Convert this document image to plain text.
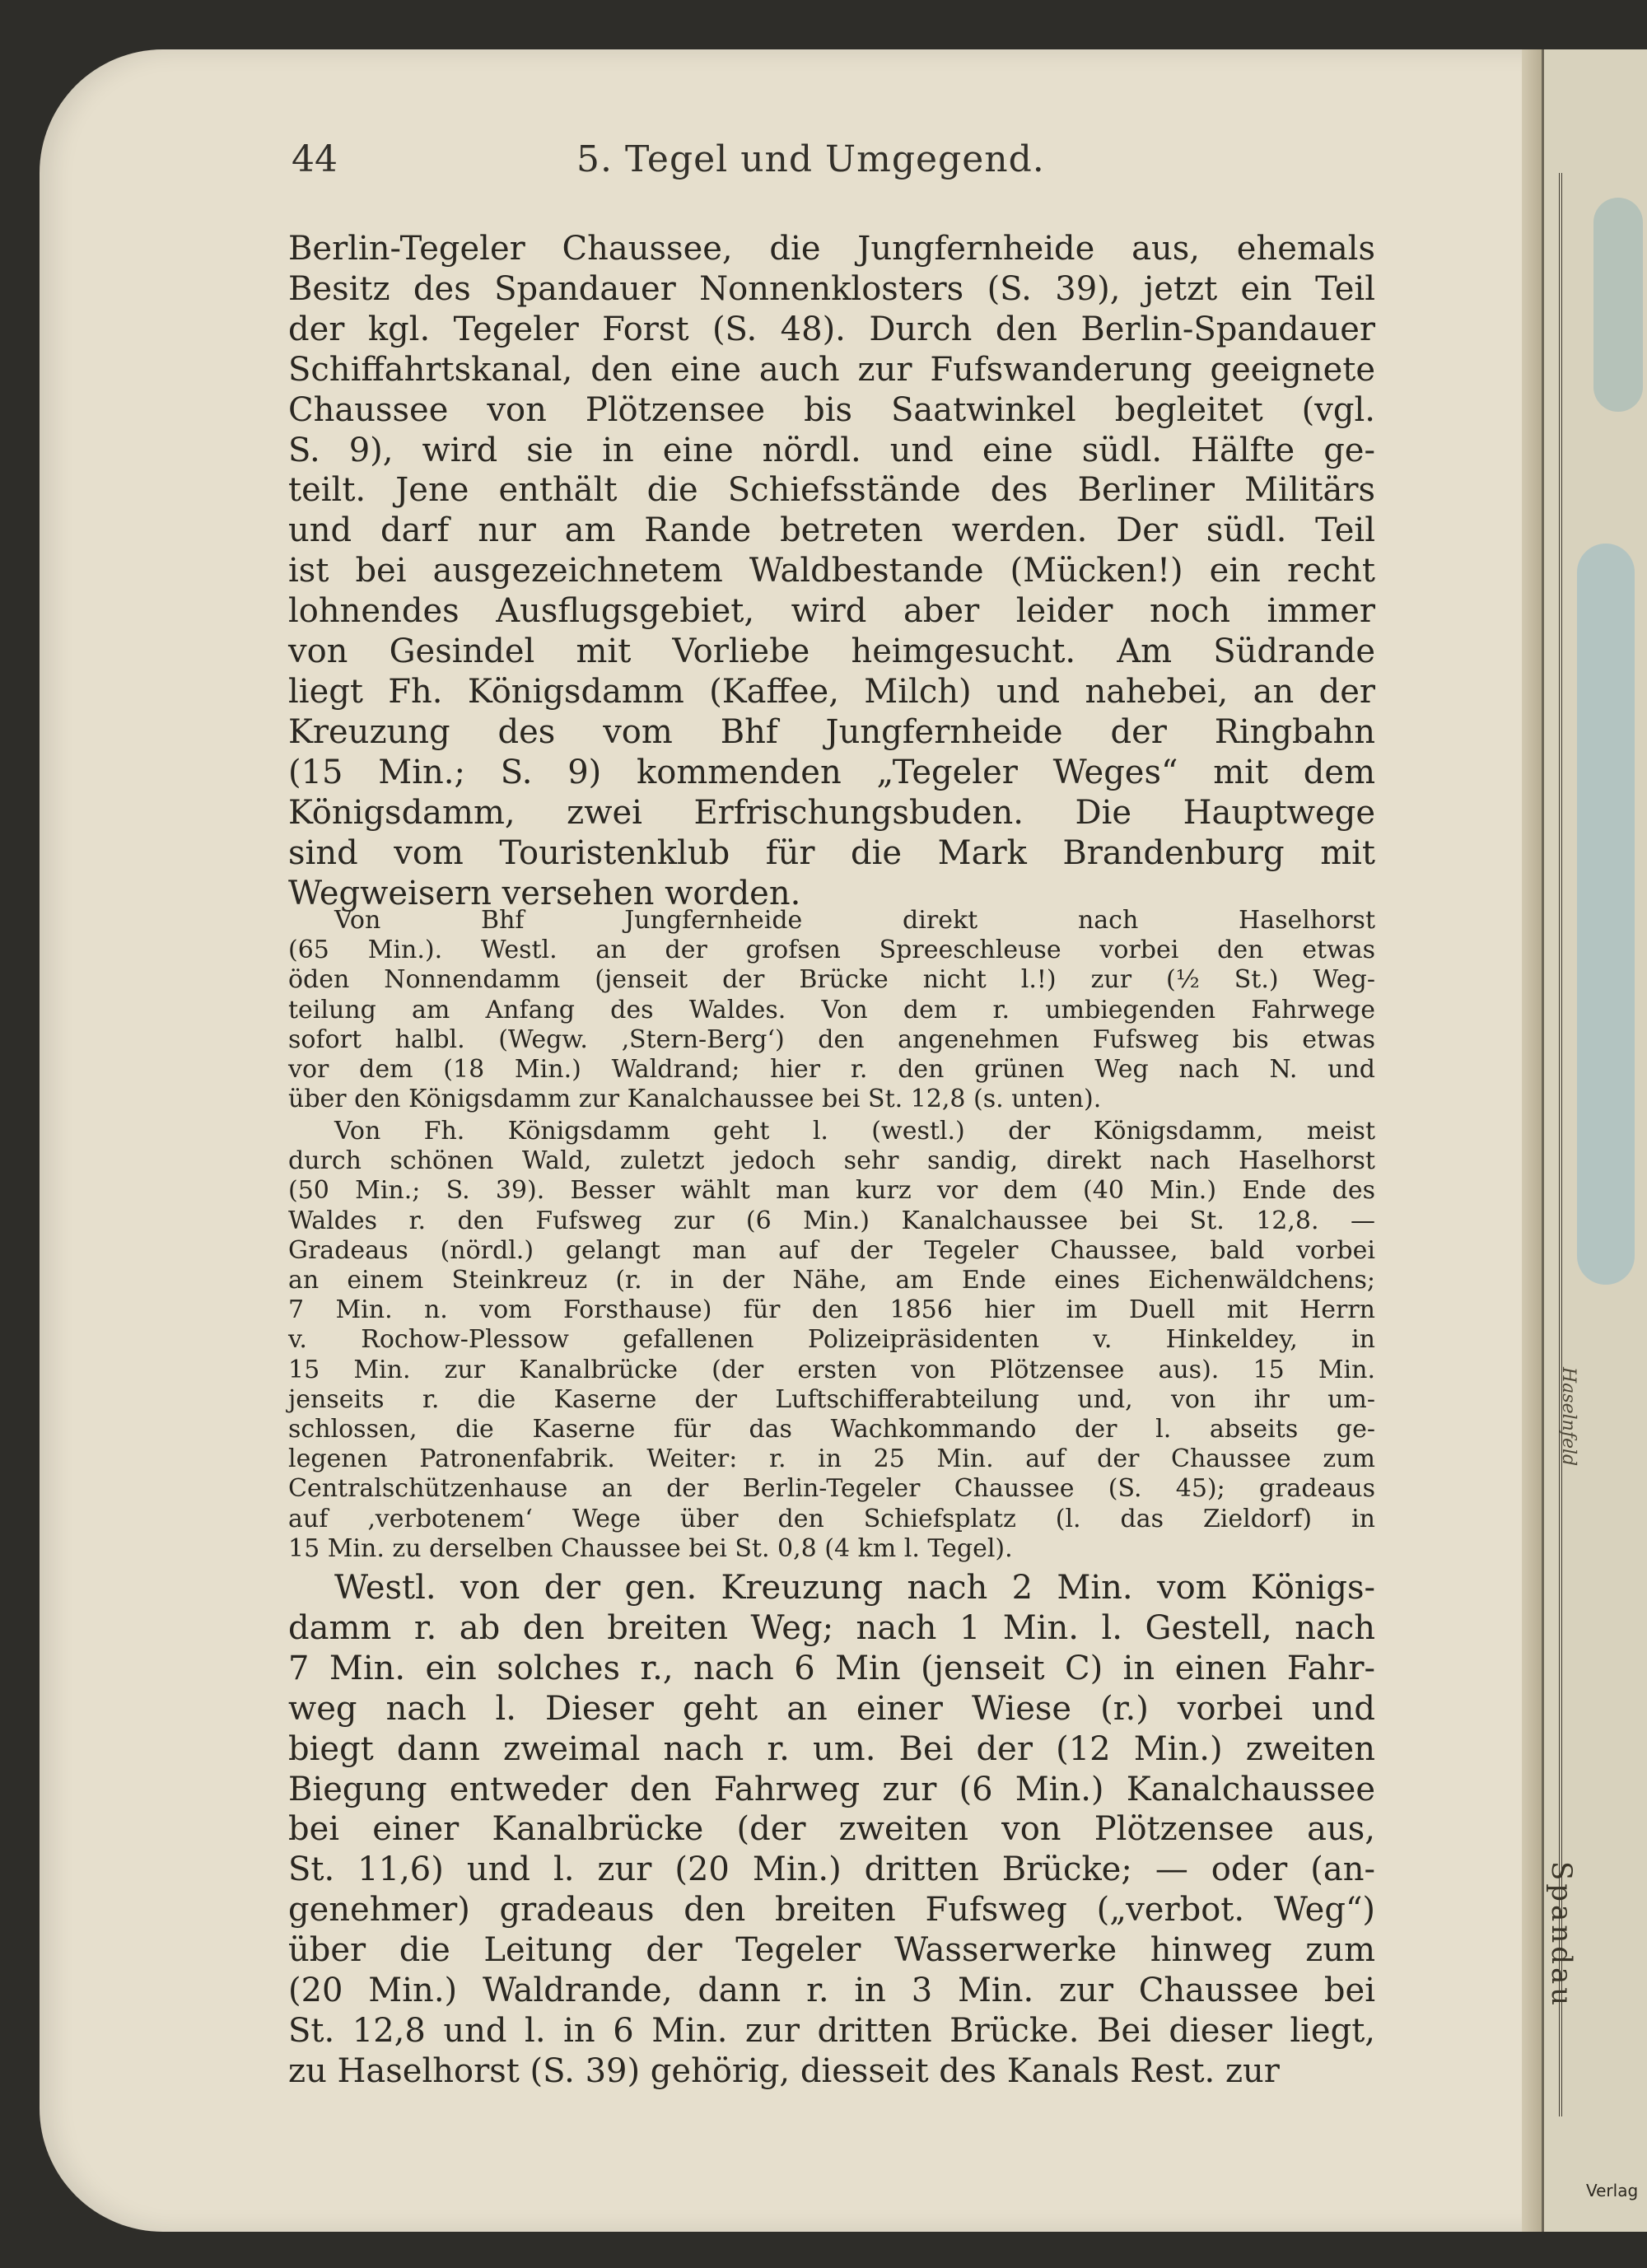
Haselnfeld
Spandau
Verlag
44	5. Tegel und Umgegend.
Berlin-Tegeler Chaussee, die Jungfernheide aus, ehemals
Besitz des Spandauer Nonnenklosters (S. 39), jetzt ein Teil
der kgl. Tegeler Forst (S. 48). Durch den Berlin-Spandauer
Schiffahrtskanal, den eine auch zur Fufswanderung geeignete
Chaussee von Plötzensee bis Saatwinkel begleitet (vgl.
S. 9), wird sie in eine nördl. und eine südl. Hälfte ge-
teilt. Jene enthält die Schiefsstände des Berliner Militärs
und darf nur am Rande betreten werden. Der südl. Teil
ist bei ausgezeichnetem Waldbestande (Mücken!) ein recht
lohnendes Ausflugsgebiet, wird aber leider noch immer
von Gesindel mit Vorliebe heimgesucht. Am Südrande
liegt Fh. Königsdamm (Kaffee, Milch) und nahebei, an der
Kreuzung des vom Bhf Jungfernheide der Ringbahn
(15 Min.; S. 9) kommenden „Tegeler Weges“ mit dem
Königsdamm, zwei Erfrischungsbuden. Die Hauptwege
sind vom Touristenklub für die Mark Brandenburg mit
Wegweisern versehen worden.
Von Bhf Jungfernheide direkt nach Haselhorst
(65 Min.). Westl. an der grofsen Spreeschleuse vorbei den etwas
öden Nonnendamm (jenseit der Brücke nicht l.!) zur (½ St.) Weg-
teilung am Anfang des Waldes. Von dem r. umbiegenden Fahrwege
sofort halbl. (Wegw. ‚Stern-Berg‘) den angenehmen Fufsweg bis etwas
vor dem (18 Min.) Waldrand; hier r. den grünen Weg nach N. und
über den Königsdamm zur Kanalchaussee bei St. 12,8 (s. unten).
Von Fh. Königsdamm geht l. (westl.) der Königsdamm, meist
durch schönen Wald, zuletzt jedoch sehr sandig, direkt nach Haselhorst
(50 Min.; S. 39). Besser wählt man kurz vor dem (40 Min.) Ende des
Waldes r. den Fufsweg zur (6 Min.) Kanalchaussee bei St. 12,8. —
Gradeaus (nördl.) gelangt man auf der Tegeler Chaussee, bald vorbei
an einem Steinkreuz (r. in der Nähe, am Ende eines Eichenwäldchens;
7 Min. n. vom Forsthause) für den 1856 hier im Duell mit Herrn
v. Rochow-Plessow gefallenen Polizeipräsidenten v. Hinkeldey, in
15 Min. zur Kanalbrücke (der ersten von Plötzensee aus). 15 Min.
jenseits r. die Kaserne der Luftschifferabteilung und, von ihr um-
schlossen, die Kaserne für das Wachkommando der l. abseits ge-
legenen Patronenfabrik. Weiter: r. in 25 Min. auf der Chaussee zum
Centralschützenhause an der Berlin-Tegeler Chaussee (S. 45); gradeaus
auf ‚verbotenem‘ Wege über den Schiefsplatz (l. das Zieldorf) in
15 Min. zu derselben Chaussee bei St. 0,8 (4 km l. Tegel).
Westl. von der gen. Kreuzung nach 2 Min. vom Königs-
damm r. ab den breiten Weg; nach 1 Min. l. Gestell, nach
7 Min. ein solches r., nach 6 Min (jenseit C) in einen Fahr-
weg nach l. Dieser geht an einer Wiese (r.) vorbei und
biegt dann zweimal nach r. um. Bei der (12 Min.) zweiten
Biegung entweder den Fahrweg zur (6 Min.) Kanalchaussee
bei einer Kanalbrücke (der zweiten von Plötzensee aus,
St. 11,6) und l. zur (20 Min.) dritten Brücke; — oder (an-
genehmer) gradeaus den breiten Fufsweg („verbot. Weg“)
über die Leitung der Tegeler Wasserwerke hinweg zum
(20 Min.) Waldrande, dann r. in 3 Min. zur Chaussee bei
St. 12,8 und l. in 6 Min. zur dritten Brücke. Bei dieser liegt,
zu Haselhorst (S. 39) gehörig, diesseit des Kanals Rest. zur
